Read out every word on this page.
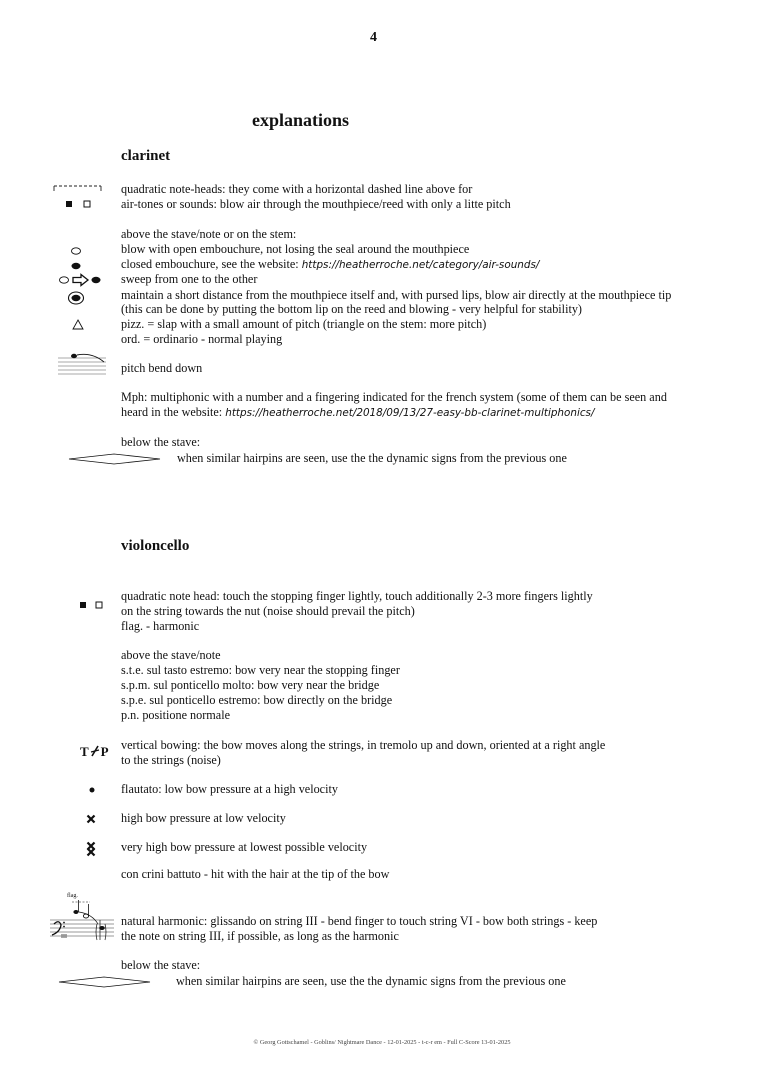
4
explanations
clarinet
quadratic note-heads: they come with a horizontal dashed line above for
air-tones or sounds: blow air through the mouthpiece/reed with only a litte pitch
above the stave/note or on the stem:
blow with open embouchure, not losing the seal around the mouthpiece
closed embouchure, see the website: https://heatherroche.net/category/air-sounds/
sweep from one to the other
maintain a short distance from the mouthpiece itself and, with pursed lips, blow air directly at the mouthpiece tip
(this can be done by putting the bottom lip on the reed and blowing - very helpful for stability)
pizz. = slap with a small amount of pitch (triangle on the stem: more pitch)
ord. = ordinario - normal playing
pitch bend down
Mph: multiphonic with a number and a fingering indicated for the french system (some of them can be seen and
heard in the website: https://heatherroche.net/2018/09/13/27-easy-bb-clarinet-multiphonics/
below the stave:
when similar hairpins are seen, use the the dynamic signs from the previous one
violoncello
quadratic note head: touch the stopping finger lightly, touch additionally 2-3 more fingers lightly
on the string towards the nut (noise should prevail the pitch)
flag. - harmonic
above the stave/note
s.t.e. sul tasto estremo: bow very near the stopping finger
s.p.m. sul ponticello molto: bow very near the bridge
s.p.e. sul ponticello estremo: bow directly on the bridge
p.n. positione normale
T P vertical bowing: the bow moves along the strings, in tremolo up and down, oriented at a right angle
to the strings (noise)
flautato: low bow pressure at a high velocity
high bow pressure at low velocity
very high bow pressure at lowest possible velocity
con crini battuto - hit with the hair at the tip of the bow
flag.
III
natural harmonic: glissando on string III - bend finger to touch string VI - bow both strings - keep
the note on string III, if possible, as long as the harmonic
below the stave:
when similar hairpins are seen, use the the dynamic signs from the previous one
© Georg Gottschamel - Goblins/ Nightmare Dance - 12-01-2025 - t-c-r em - Full C-Score 13-01-2025
